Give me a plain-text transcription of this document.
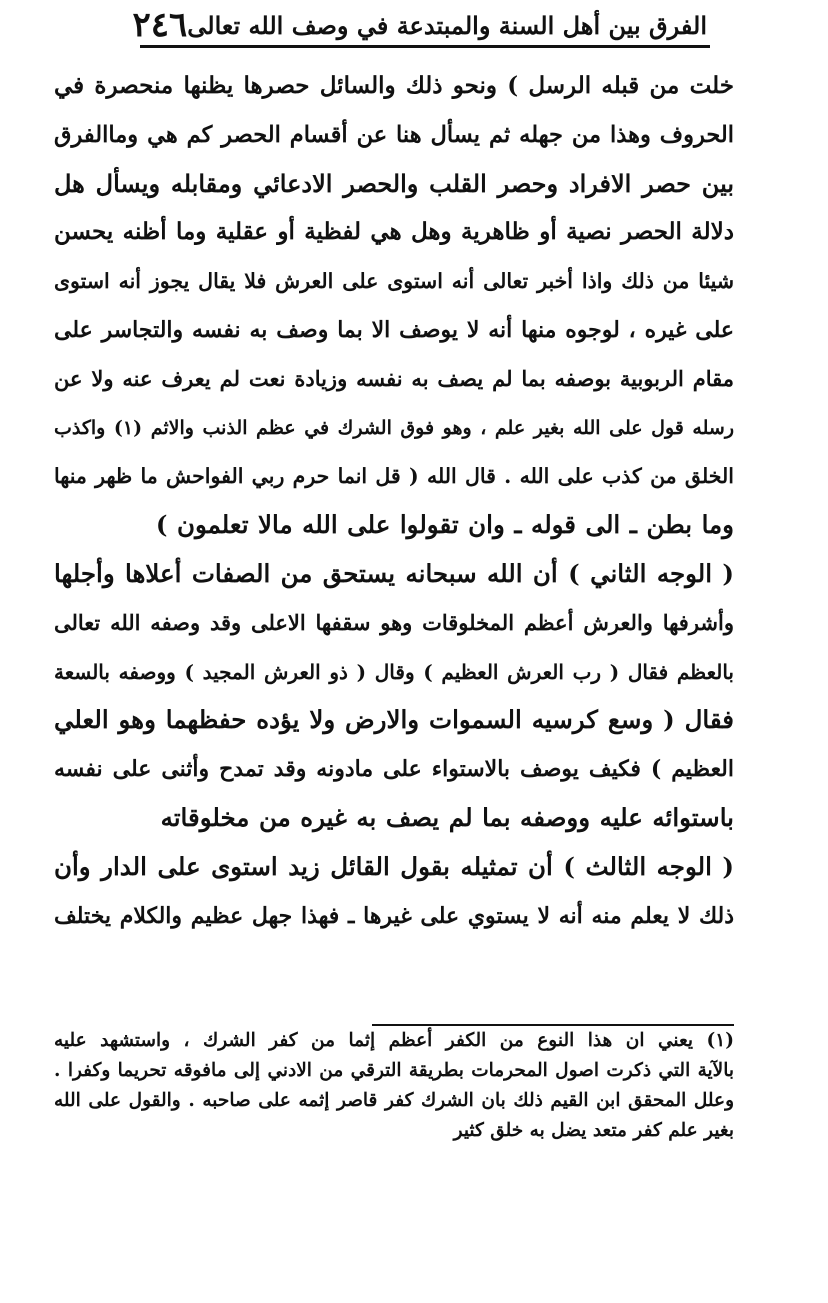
الفرق بين أهل السنة والمبتدعة في وصف الله تعالى
٢٤٦
خلت من قبله الرسل ) ونحو ذلك والسائل حصرها يظنها منحصرة في
الحروف وهذا من جهله ثم يسأل هنا عن أقسام الحصر كم هي وماالفرق
بين حصر الافراد وحصر القلب والحصر الادعائي ومقابله ويسأل هل
دلالة الحصر نصية أو ظاهرية وهل هي لفظية أو عقلية وما أظنه يحسن
شيئا من ذلك واذا أخبر تعالى أنه استوى على العرش فلا يقال يجوز أنه استوى
على غيره ، لوجوه منها أنه لا يوصف الا بما وصف به نفسه والتجاسر على
مقام الربوبية بوصفه بما لم يصف به نفسه وزيادة نعت لم يعرف عنه ولا عن
رسله قول على الله بغير علم ، وهو فوق الشرك في عظم الذنب والاثم (١) واكذب
الخلق من كذب على الله . قال الله ( قل انما حرم ربي الفواحش ما ظهر منها
وما بطن ـ الى قوله ـ وان تقولوا على الله مالا تعلمون )
( الوجه الثاني ) أن الله سبحانه يستحق من الصفات أعلاها وأجلها
وأشرفها والعرش أعظم المخلوقات وهو سقفها الاعلى وقد وصفه الله تعالى
بالعظم فقال ( رب العرش العظيم ) وقال ( ذو العرش المجيد ) ووصفه بالسعة
فقال ( وسع كرسيه السموات والارض ولا يؤده حفظهما وهو العلي
العظيم ) فكيف يوصف بالاستواء على مادونه وقد تمدح وأثنى على نفسه
باستوائه عليه ووصفه بما لم يصف به غيره من مخلوقاته
( الوجه الثالث ) أن تمثيله بقول القائل زيد استوى على الدار وأن
ذلك لا يعلم منه أنه لا يستوي على غيرها ـ فهذا جهل عظيم والكلام يختلف
(١) يعني ان هذا النوع من الكفر أعظم إثما من كفر الشرك ، واستشهد عليه
بالآية التي ذكرت اصول المحرمات بطريقة الترقي من الادني إلى مافوقه تحريما وكفرا .
وعلل المحقق ابن القيم ذلك بان الشرك كفر قاصر إثمه على صاحبه . والقول على الله
بغير علم كفر متعد يضل به خلق كثير
